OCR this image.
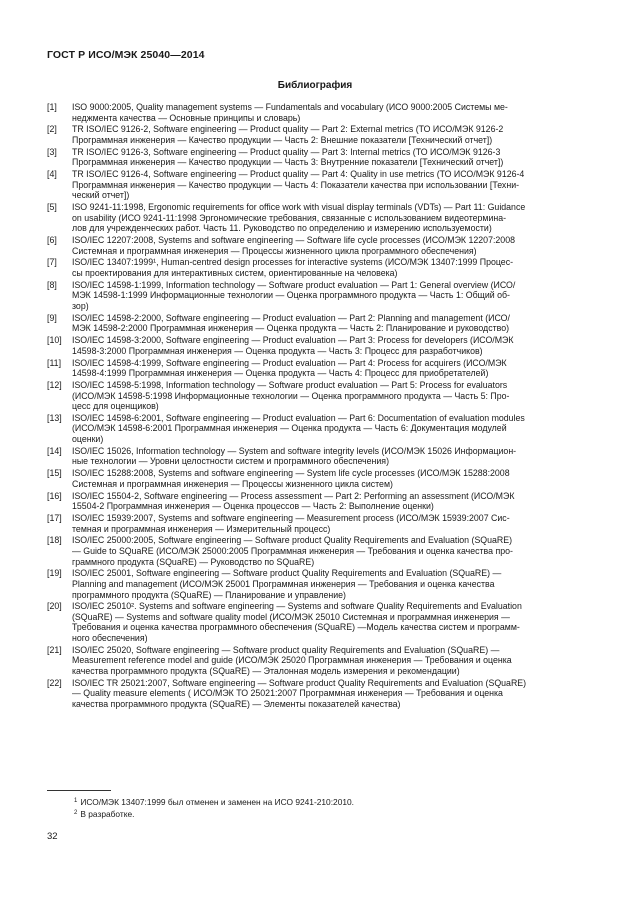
ГОСТ Р ИСО/МЭК 25040—2014
Библиография
[1]	ISO 9000:2005, Quality management systems — Fundamentals and vocabulary (ИСО 9000:2005 Системы ме-
неджмента качества — Основные принципы и словарь)
[2]	TR ISO/IEC 9126-2, Software engineering — Product quality — Part 2: External metrics (ТО ИСО/МЭК 9126-2
Программная инженерия — Качество продукции — Часть 2: Внешние показатели [Технический отчет])
[3]	TR ISO/IEC 9126-3, Software engineering — Product quality — Part 3: Internal metrics (ТО ИСО/МЭК 9126-3
Программная инженерия — Качество продукции — Часть 3: Внутренние показатели [Технический отчет])
[4]	TR ISO/IEC 9126-4, Software engineering — Product quality — Part 4: Quality in use metrics (ТО ИСО/МЭК 9126-4
Программная инженерия — Качество продукции — Часть 4: Показатели качества при использовании [Техни-
ческий отчет])
[5]	ISO 9241-11:1998, Ergonomic requirements for office work with visual display terminals (VDTs) — Part 11: Guidance
on usability (ИСО 9241-11:1998 Эргономические требования, связанные с использованием видеотермина-
лов для учрежденческих работ. Часть 11. Руководство по определению и измерению используемости)
[6]	ISO/IEC 12207:2008, Systems and software engineering — Software life cycle processes (ИСО/МЭК 12207:2008
Системная и программная инженерия — Процессы жизненного цикла программного обеспечения)
[7]	ISO/IEC 13407:1999¹, Human-centred design processes for interactive systems (ИСО/МЭК 13407:1999 Процес-
сы проектирования для интерактивных систем, ориентированные на человека)
[8]	ISO/IEC 14598-1:1999, Information technology — Software product evaluation — Part 1: General overview (ИСО/
МЭК 14598-1:1999 Информационные технологии — Оценка программного продукта — Часть 1: Общий об-
зор)
[9]	ISO/IEC 14598-2:2000, Software engineering — Product evaluation — Part 2: Planning and management (ИСО/
МЭК 14598-2:2000 Программная инженерия — Оценка продукта — Часть 2: Планирование и руководство)
[10]	ISO/IEC 14598-3:2000, Software engineering — Product evaluation — Part 3: Process for developers (ИСО/МЭК
14598-3:2000 Программная инженерия — Оценка продукта — Часть 3: Процесс для разработчиков)
[11]	ISO/IEC 14598-4:1999, Software engineering — Product evaluation — Part 4: Process for acquirers (ИСО/МЭК
14598-4:1999 Программная инженерия — Оценка продукта — Часть 4: Процесс для приобретателей)
[12]	ISO/IEC 14598-5:1998, Information technology — Software product evaluation — Part 5: Process for evaluators
(ИСО/МЭК 14598-5:1998 Информационные технологии — Оценка программного продукта — Часть 5: Про-
цесс для оценщиков)
[13]	ISO/IEC 14598-6:2001, Software engineering — Product evaluation — Part 6: Documentation of evaluation modules
(ИСО/МЭК 14598-6:2001 Программная инженерия — Оценка продукта — Часть 6: Документация модулей
оценки)
[14]	ISO/IEC 15026, Information technology — System and software integrity levels (ИСО/МЭК 15026 Информацион-
ные технологии — Уровни целостности систем и программного обеспечения)
[15]	ISO/IEC 15288:2008, Systems and software engineering — System life cycle processes (ИСО/МЭК 15288:2008
Системная и программная инженерия — Процессы жизненного цикла систем)
[16]	ISO/IEC 15504-2, Software engineering — Process assessment — Part 2: Performing an assessment (ИСО/МЭК
15504-2 Программная инженерия — Оценка процессов — Часть 2: Выполнение оценки)
[17]	ISO/IEC 15939:2007, Systems and software engineering — Measurement process (ИСО/МЭК 15939:2007 Сис-
темная и программная инженерия — Измерительный процесс)
[18]	ISO/IEC 25000:2005, Software engineering — Software product Quality Requirements and Evaluation (SQuaRE)
— Guide to SQuaRE (ИСО/МЭК 25000:2005 Программная инженерия — Требования и оценка качества про-
граммного продукта (SQuaRE) — Руководство по SQuaRE)
[19]	ISO/IEC 25001, Software engineering — Software product Quality Requirements and Evaluation (SQuaRE) —
Planning and management (ИСО/МЭК 25001 Программная инженерия — Требования и оценка качества
программного продукта (SQuaRE) — Планирование и управление)
[20]	ISO/IEC 25010². Systems and software engineering — Systems and software Quality Requirements and Evaluation
(SQuaRE) — Systems and software quality model (ИСО/МЭК 25010 Системная и программная инженерия —
Требования и оценка качества программного обеспечения (SQuaRE) —Модель качества систем и программ-
ного обеспечения)
[21]	ISO/IEC 25020, Software engineering — Software product quality Requirements and Evaluation (SQuaRE) —
Measurement reference model and guide (ИСО/МЭК 25020 Программная инженерия — Требования и оценка
качества программного продукта (SQuaRE) — Эталонная модель измерения и рекомендации)
[22]	ISO/IEC TR 25021:2007, Software engineering — Software product Quality Requirements and Evaluation (SQuaRE)
— Quality measure elements ( ИСО/МЭК ТО 25021:2007 Программная инженерия — Требования и оценка
качества программного продукта (SQuaRE) — Элементы показателей качества)
$^1$ ИСО/МЭК 13407:1999 был отменен и заменен на ИСО 9241-210:2010.
$^2$ В разработке.
32
